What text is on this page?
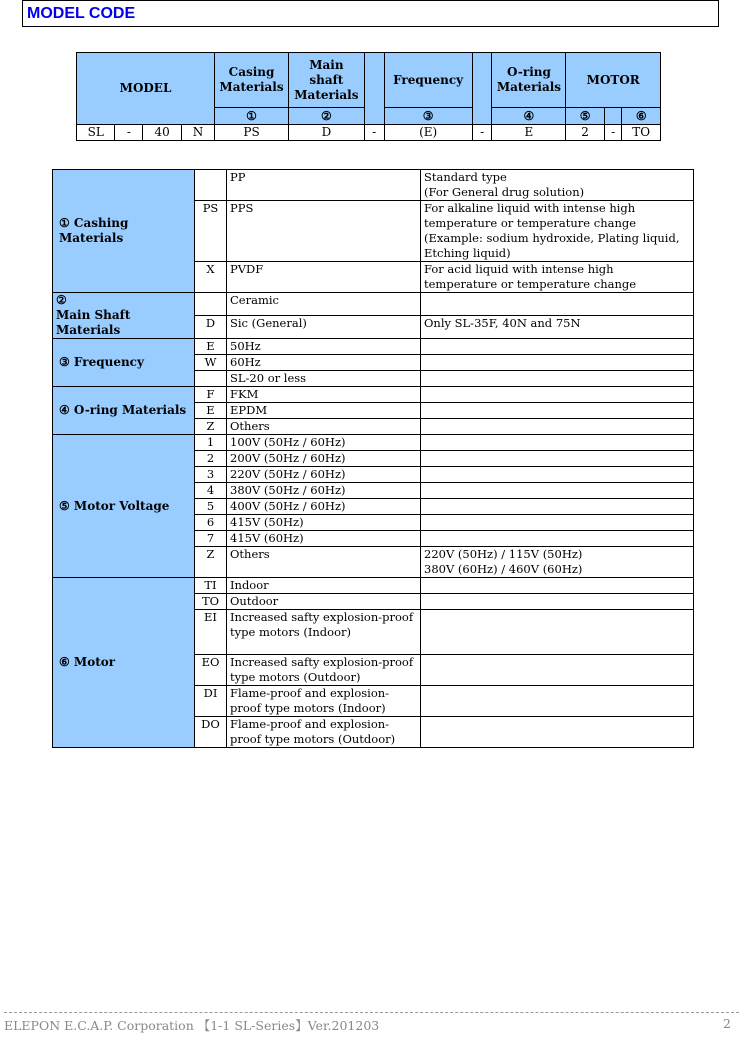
MODEL CODE
MODEL				Casing Materials	Main shaft Materials		Frequency		O-ring Materials	MOTOR		
				①	②		③		④	⑤		⑥
SL	-	40	N	PS	D	-	(E)	-	E	2	-	TO
① Cashing Materials		PP	Standard type
(For General drug solution)
	PS	PPS	For alkaline liquid with intense high temperature or temperature change
(Example: sodium hydroxide, Plating liquid, Etching liquid)
	X	PVDF	For acid liquid with intense high temperature or temperature change

②
Main Shaft Materials		Ceramic	
	D	Sic (General)	Only SL-35F, 40N and 75N
③ Frequency	E	50Hz	
	W	60Hz	
		SL-20 or less	
④ O-ring Materials	F	FKM	
	E	EPDM	
	Z	Others	
⑤ Motor Voltage	1	100V (50Hz / 60Hz)	
	2	200V (50Hz / 60Hz)	
	3	220V (50Hz / 60Hz)	
	4	380V (50Hz / 60Hz)	
	5	400V (50Hz / 60Hz)	
	6	415V (50Hz)	
	7	415V (60Hz)	
	Z	Others	220V (50Hz) / 115V (50Hz)
380V (60Hz) / 460V (60Hz)
⑥ Motor	TI	Indoor	
	TO	Outdoor	
	EI	Increased safty explosion-proof type motors (Indoor)	
	EO	Increased safty explosion-proof type motors (Outdoor)	
	DI	Flame-proof and explosion-proof type motors (Indoor)	
	DO	Flame-proof and explosion-proof type motors (Outdoor)	
ELEPON E.C.A.P. Corporation 【1-1 SL-Series】Ver.201203	2
